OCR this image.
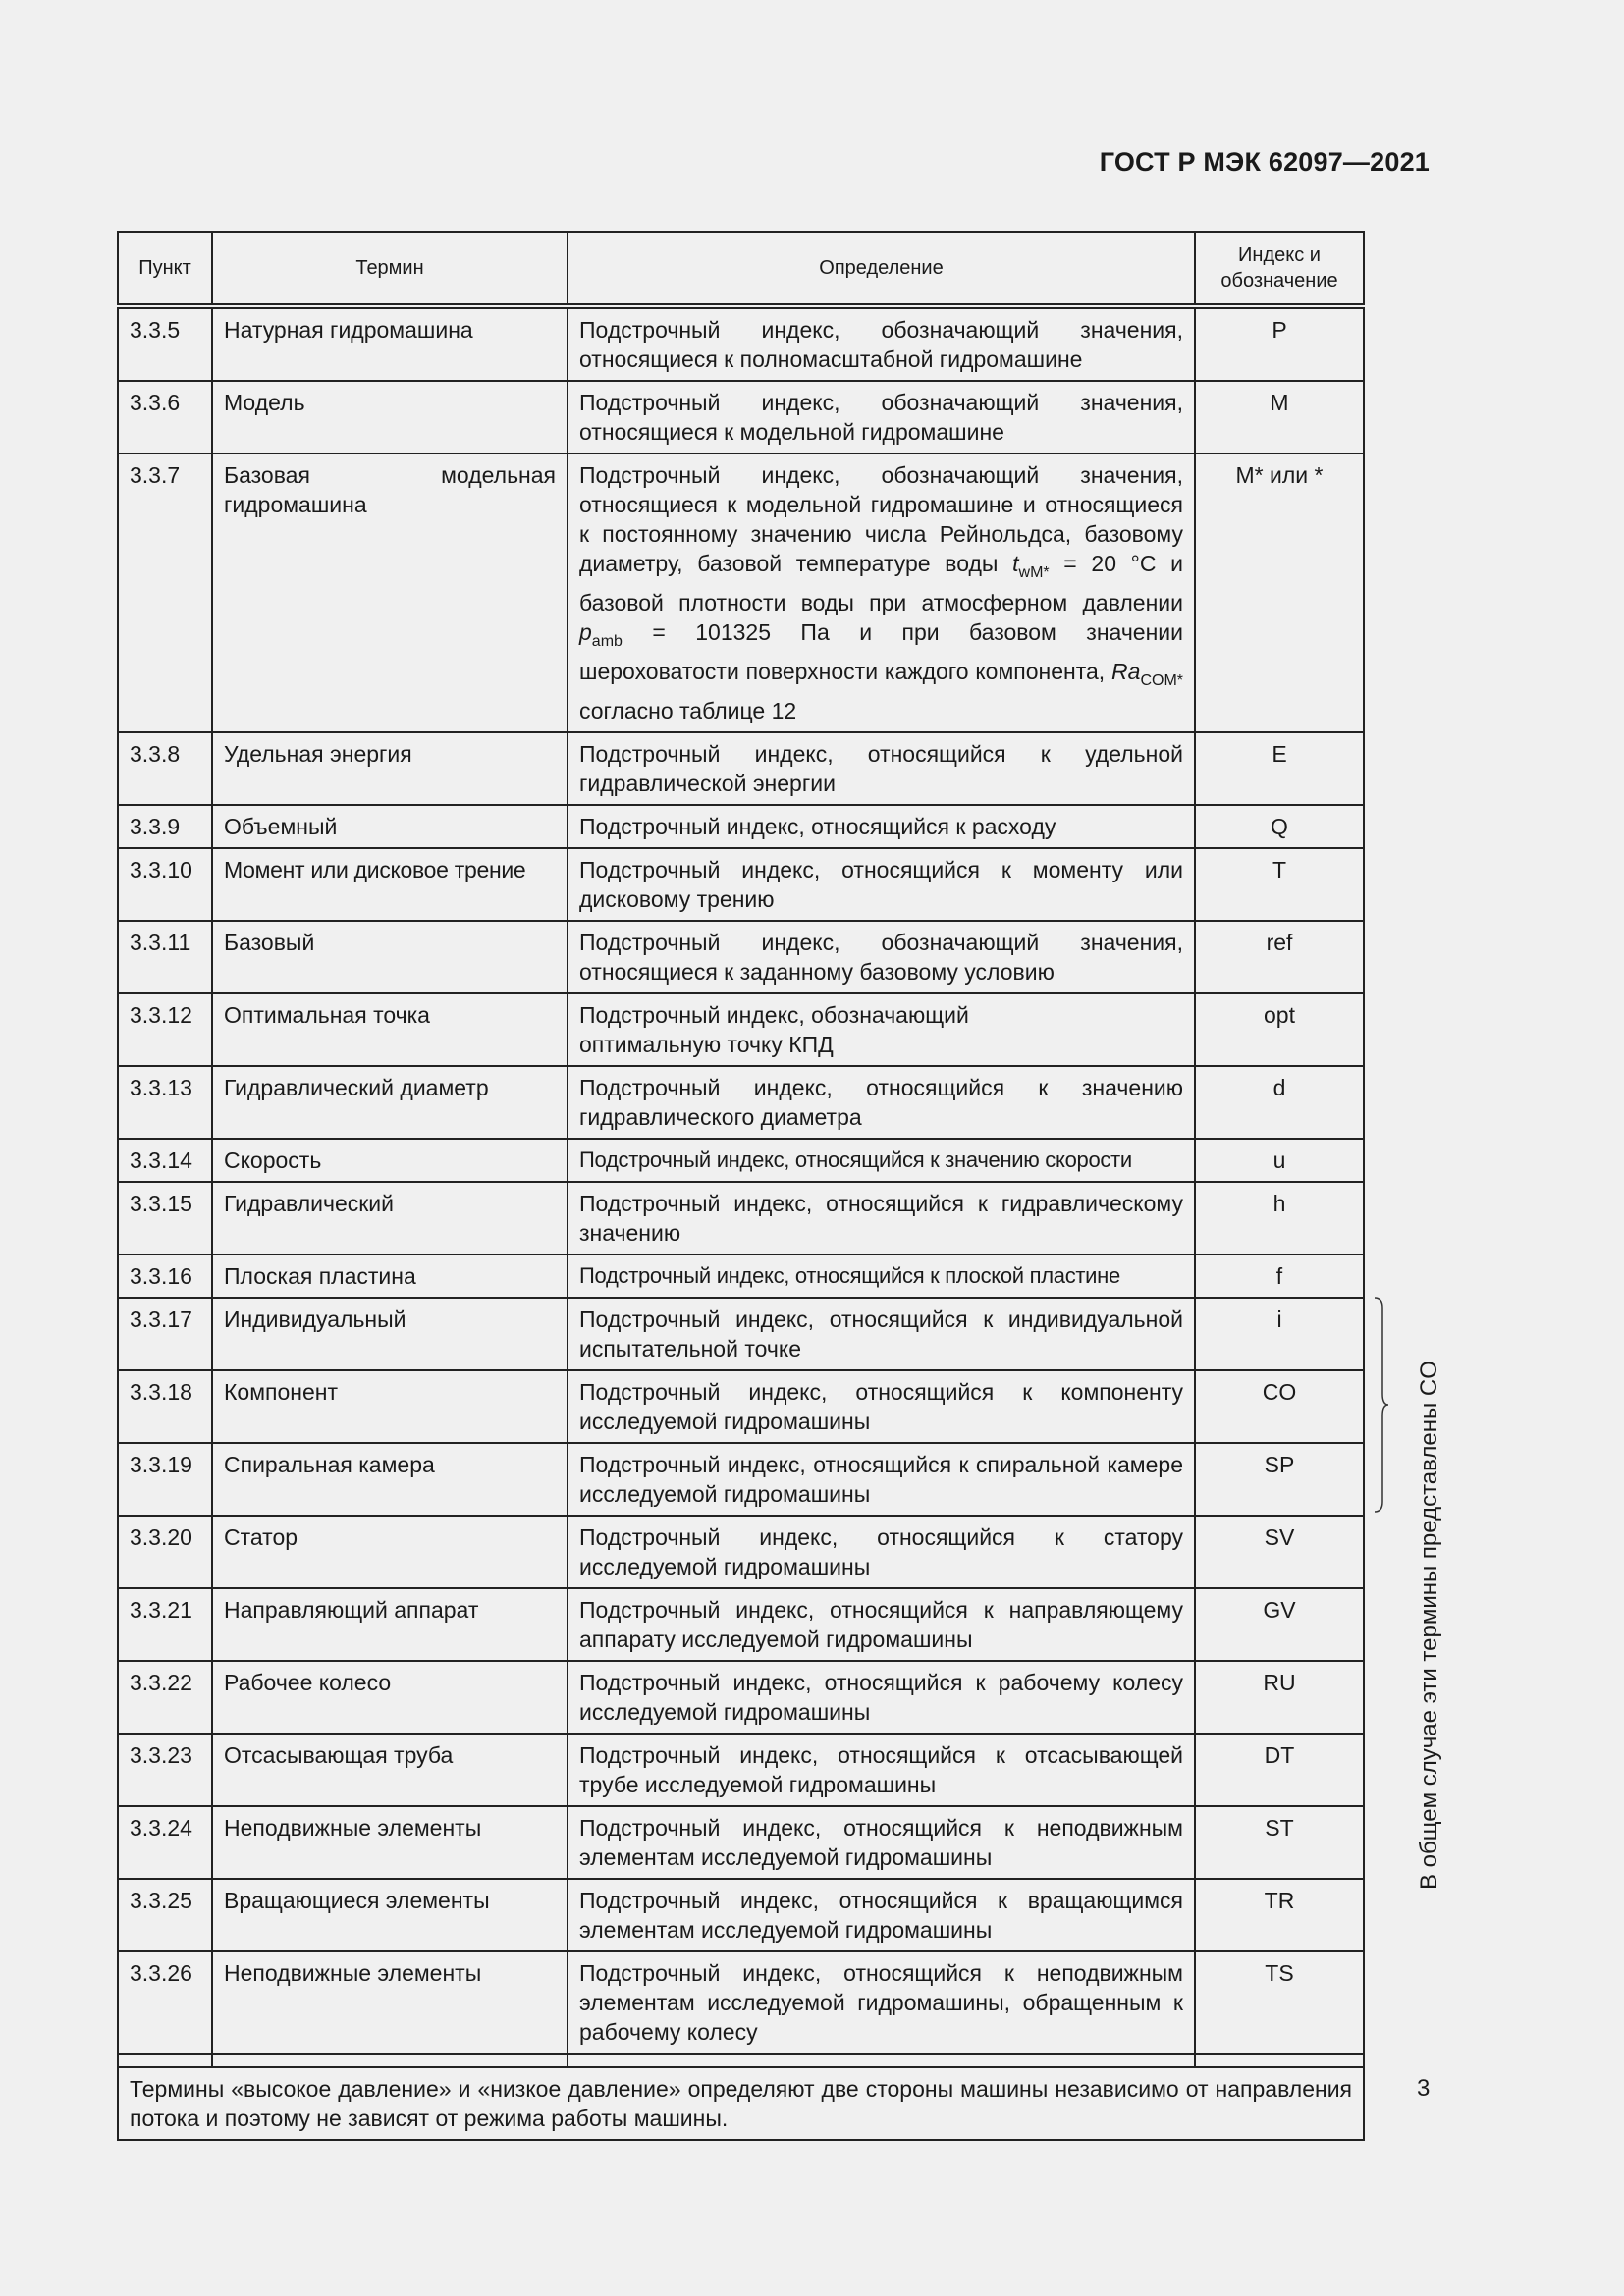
ГОСТ Р МЭК 62097—2021
Пункт	Термин	Определение	Индекс и
обозначение
3.3.5	Натурная гидромашина	Подстрочный индекс, обозначающий значения, относящиеся к полномасштабной гидромашине	P
3.3.6	Модель	Подстрочный индекс, обозначающий значения, относящиеся к модельной гидромашине	M
3.3.7	Базовая модельная гидромашина	Подстрочный индекс, обозначающий значения, относящиеся к модельной гидромашине и относящиеся к постоянному значению числа Рейнольдса, базовому диаметру, базовой температуре воды $t_{wM*} = 20$ °C и базовой плотности воды при атмосферном давлении $p_{amb} = 101325$ Па и при базовом значении шероховатости поверхности каждого компонента, $Ra_{COM*}$ согласно таблице 12	M* или *
3.3.8	Удельная энергия	Подстрочный индекс, относящийся к удельной гидравлической энергии	E
3.3.9	Объемный	Подстрочный индекс, относящийся к расходу	Q
3.3.10	Момент или дисковое трение	Подстрочный индекс, относящийся к моменту или дисковому трению	T
3.3.11	Базовый	Подстрочный индекс, обозначающий значения, относящиеся к заданному базовому условию	ref
3.3.12	Оптимальная точка	Подстрочный индекс, обозначающий оптимальную точку КПД	opt
3.3.13	Гидравлический диаметр	Подстрочный индекс, относящийся к значению гидравлического диаметра	d
3.3.14	Скорость	Подстрочный индекс, относящийся к значению скорости	u
3.3.15	Гидравлический	Подстрочный индекс, относящийся к гидравлическому значению	h
3.3.16	Плоская пластина	Подстрочный индекс, относящийся к плоской пластине	f
3.3.17	Индивидуальный	Подстрочный индекс, относящийся к индивидуальной испытательной точке	i
3.3.18	Компонент	Подстрочный индекс, относящийся к компоненту исследуемой гидромашины	CO
3.3.19	Спиральная камера	Подстрочный индекс, относящийся к спиральной камере исследуемой гидромашины	SP
3.3.20	Статор	Подстрочный индекс, относящийся к статору исследуемой гидромашины	SV
3.3.21	Направляющий аппарат	Подстрочный индекс, относящийся к направляющему аппарату исследуемой гидромашины	GV
3.3.22	Рабочее колесо	Подстрочный индекс, относящийся к рабочему колесу исследуемой гидромашины	RU
3.3.23	Отсасывающая труба	Подстрочный индекс, относящийся к отсасывающей трубе исследуемой гидромашины	DT
3.3.24	Неподвижные элементы	Подстрочный индекс, относящийся к неподвижным элементам исследуемой гидромашины	ST
3.3.25	Вращающиеся элементы	Подстрочный индекс, относящийся к вращающимся элементам исследуемой гидромашины	TR
3.3.26	Неподвижные элементы	Подстрочный индекс, относящийся к неподвижным элементам исследуемой гидромашины, обращенным к рабочему колесу	TS

Термины «высокое давление» и «низкое давление» определяют две стороны машины независимо от направления потока и поэтому не зависят от режима работы машины.			
В общем случае эти термины представлены CO
3
